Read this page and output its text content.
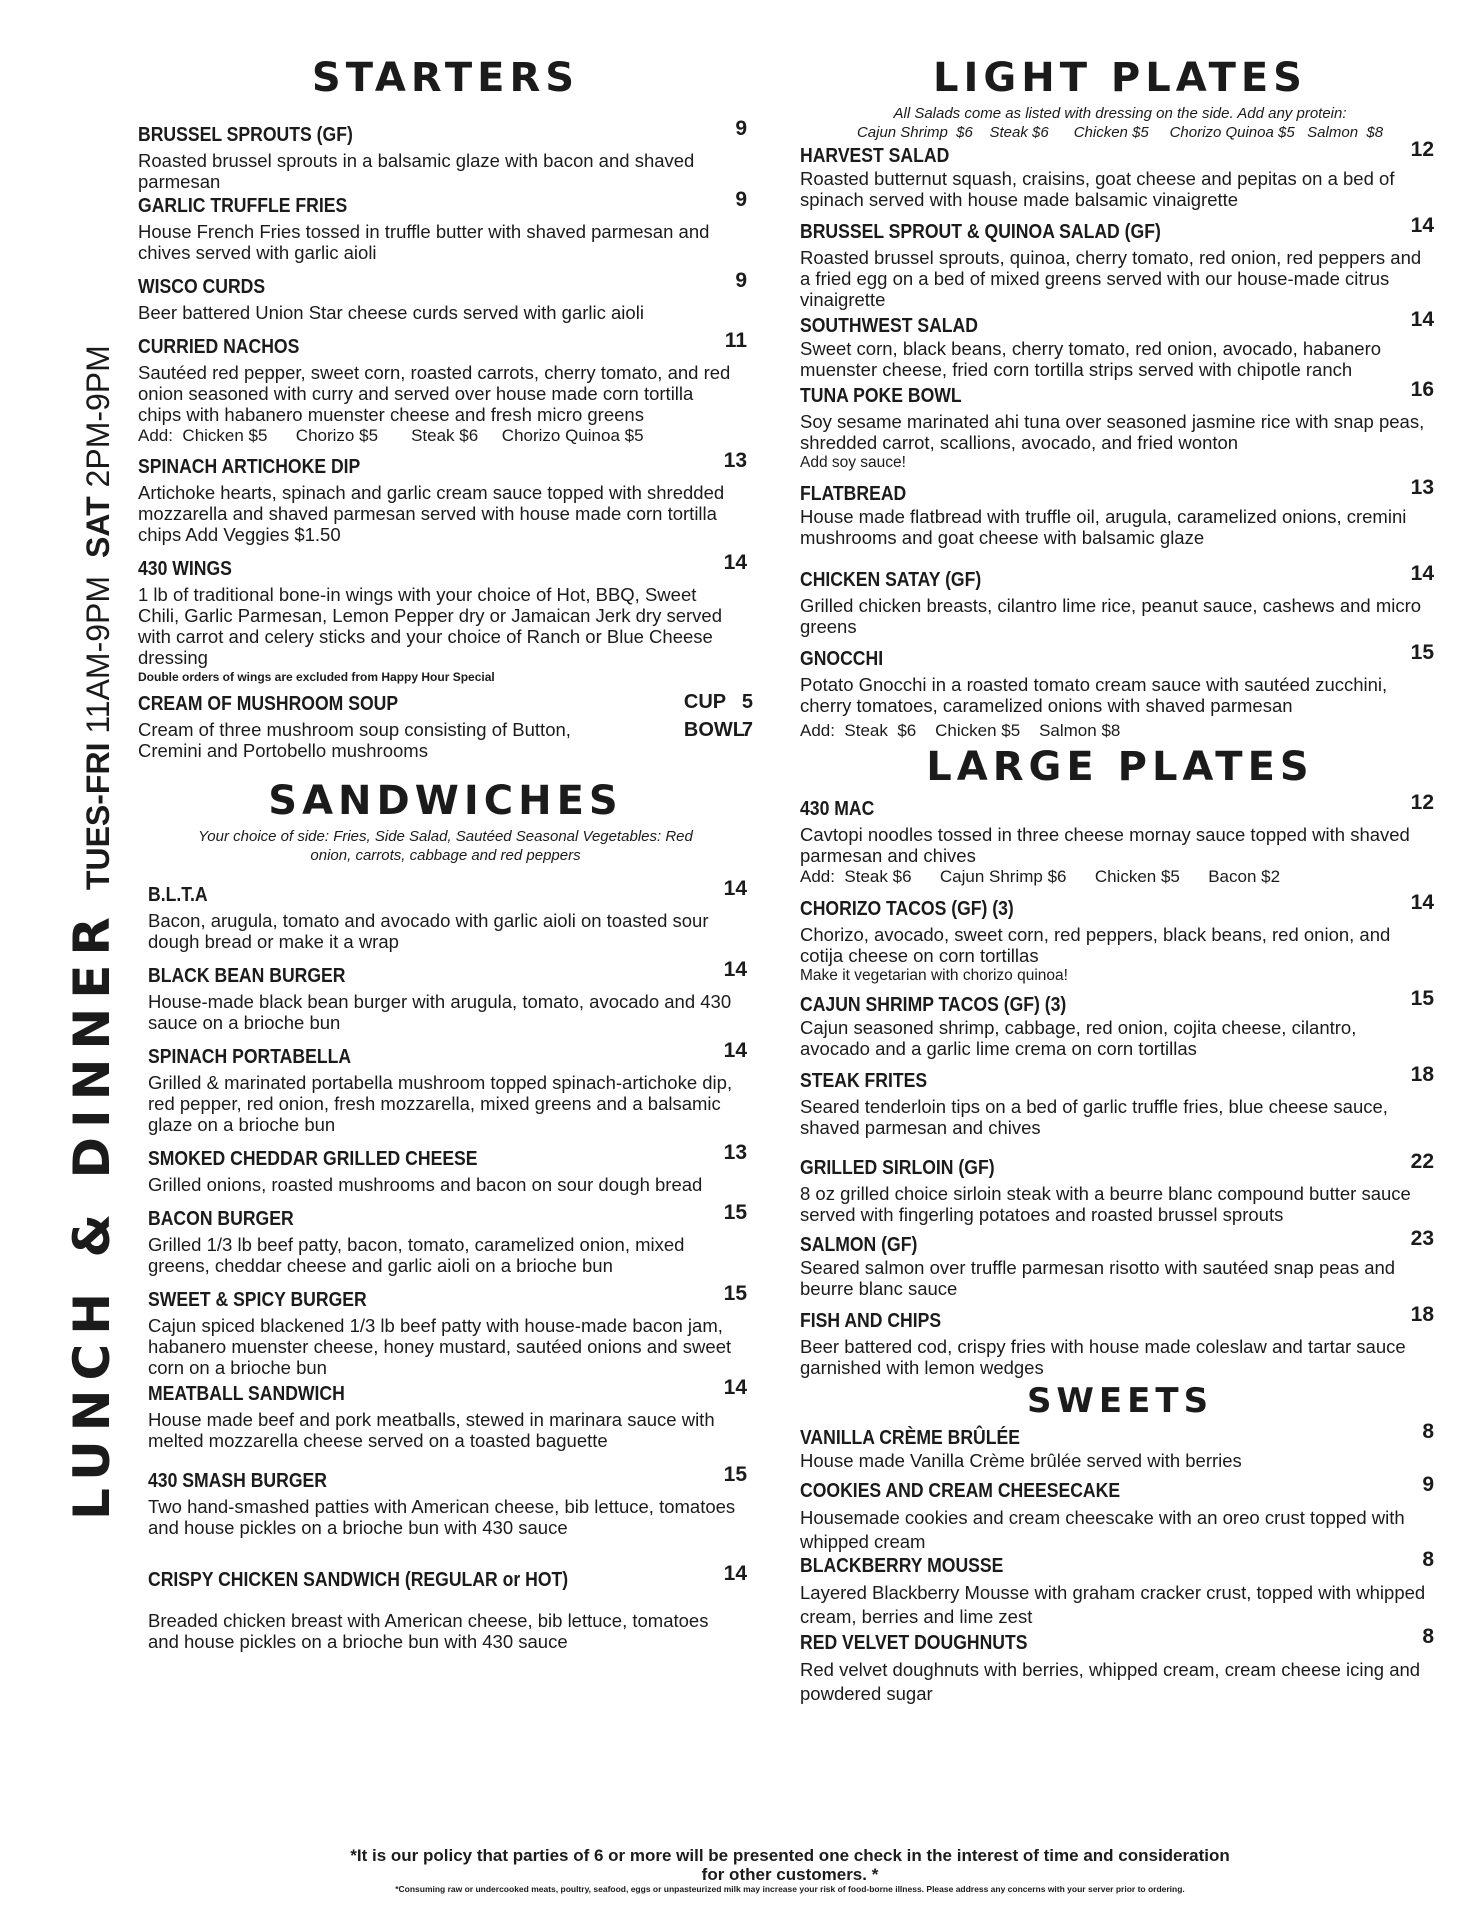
LUNCH & DINNER
TUES-FRI 11AM-9PM
SAT 2PM-9PM
STARTERS
BRUSSEL SPROUTS (GF)	9
Roasted brussel sprouts in a balsamic glaze with bacon and shaved parmesan
GARLIC TRUFFLE FRIES	9
House French Fries tossed in truffle butter with shaved parmesan and chives served with garlic aioli
WISCO CURDS	9
Beer battered Union Star cheese curds served with garlic aioli
CURRIED NACHOS	11
Sautéed red pepper, sweet corn, roasted carrots, cherry tomato, and red onion seasoned with curry and served over house made corn tortilla chips with habanero muenster cheese and fresh micro greens
Add:  Chicken $5      Chorizo $5       Steak $6     Chorizo Quinoa $5
SPINACH ARTICHOKE DIP	13
Artichoke hearts, spinach and garlic cream sauce topped with shredded mozzarella and shaved parmesan served with house made corn tortilla chips Add Veggies $1.50
430 WINGS	14
1 lb of traditional bone-in wings with your choice of Hot, BBQ, Sweet Chili, Garlic Parmesan, Lemon Pepper dry or Jamaican Jerk dry served with carrot and celery sticks and your choice of Ranch or Blue Cheese dressing
Double orders of wings are excluded from Happy Hour Special
CREAM OF MUSHROOM SOUP	CUP 5
BOWL7
Cream of three mushroom soup consisting of Button, Cremini and Portobello mushrooms
SANDWICHES
Your choice of side: Fries, Side Salad, Sautéed Seasonal Vegetables: Red onion, carrots, cabbage and red peppers
B.L.T.A	14
Bacon, arugula, tomato and avocado with garlic aioli on toasted sour dough bread or make it a wrap
BLACK BEAN BURGER	14
House-made black bean burger with arugula, tomato, avocado and 430 sauce on a brioche bun
SPINACH PORTABELLA	14
Grilled & marinated portabella mushroom topped spinach-artichoke dip, red pepper, red onion, fresh mozzarella, mixed greens and a balsamic glaze on a brioche bun
SMOKED CHEDDAR GRILLED CHEESE	13
Grilled onions, roasted mushrooms and bacon on sour dough bread
BACON BURGER	15
Grilled 1/3 lb beef patty, bacon, tomato, caramelized onion, mixed greens, cheddar cheese and garlic aioli on a brioche bun
SWEET & SPICY BURGER	15
Cajun spiced blackened 1/3 lb beef patty with house-made bacon jam, habanero muenster cheese, honey mustard, sautéed onions and sweet corn on a brioche bun
MEATBALL SANDWICH	14
House made beef and pork meatballs, stewed in marinara sauce with melted mozzarella cheese served on a toasted baguette
430 SMASH BURGER	15
Two hand-smashed patties with American cheese, bib lettuce, tomatoes and house pickles on a brioche bun with 430 sauce
CRISPY CHICKEN SANDWICH (REGULAR or HOT)	14
Breaded chicken breast with American cheese, bib lettuce, tomatoes and house pickles on a brioche bun with 430 sauce
LIGHT PLATES
All Salads come as listed with dressing on the side. Add any protein:
Cajun Shrimp  $6    Steak $6      Chicken $5     Chorizo Quinoa $5   Salmon  $8
HARVEST SALAD	12
Roasted butternut squash, craisins, goat cheese and pepitas on a bed of spinach served with house made balsamic vinaigrette
BRUSSEL SPROUT & QUINOA SALAD (GF)	14
Roasted brussel sprouts, quinoa, cherry tomato, red onion, red peppers and a fried egg on a bed of mixed greens served with our house-made citrus vinaigrette
SOUTHWEST SALAD	14
Sweet corn, black beans, cherry tomato, red onion, avocado, habanero muenster cheese, fried corn tortilla strips served with chipotle ranch
TUNA POKE BOWL	16
Soy sesame marinated ahi tuna over seasoned jasmine rice with snap peas, shredded carrot, scallions, avocado, and fried wonton
Add soy sauce!
FLATBREAD	13
House made flatbread with truffle oil, arugula, caramelized onions, cremini mushrooms and goat cheese with balsamic glaze
CHICKEN SATAY (GF)	14
Grilled chicken breasts, cilantro lime rice, peanut sauce, cashews and micro greens
GNOCCHI	15
Potato Gnocchi in a roasted tomato cream sauce with sautéed zucchini, cherry tomatoes, caramelized onions with shaved parmesan
Add:  Steak  $6    Chicken $5    Salmon $8
LARGE PLATES
430 MAC	12
Cavtopi noodles tossed in three cheese mornay sauce topped with shaved parmesan and chives
Add:  Steak $6      Cajun Shrimp $6      Chicken $5      Bacon $2
CHORIZO TACOS (GF) (3)	14
Chorizo, avocado, sweet corn, red peppers, black beans, red onion, and cotija cheese on corn tortillas
Make it vegetarian with chorizo quinoa!
CAJUN SHRIMP TACOS (GF) (3)	15
Cajun seasoned shrimp, cabbage, red onion, cojita cheese, cilantro, avocado and a garlic lime crema on corn tortillas
STEAK FRITES	18
Seared tenderloin tips on a bed of garlic truffle fries, blue cheese sauce, shaved parmesan and chives
GRILLED SIRLOIN (GF)	22
8 oz grilled choice sirloin steak with a beurre blanc compound butter sauce served with fingerling potatoes and roasted brussel sprouts
SALMON (GF)	23
Seared salmon over truffle parmesan risotto with sautéed snap peas and beurre blanc sauce
FISH AND CHIPS	18
Beer battered cod, crispy fries with house made coleslaw and tartar sauce garnished with lemon wedges
SWEETS
VANILLA CRÈME BRÛLÉE	8
House made Vanilla Crème brûlée served with berries
COOKIES AND CREAM CHEESECAKE	9
Housemade cookies and cream cheescake with an oreo crust topped with whipped cream
BLACKBERRY MOUSSE	8
Layered Blackberry Mousse with graham cracker crust, topped with whipped cream, berries and lime zest
RED VELVET DOUGHNUTS	8
Red velvet doughnuts with berries, whipped cream, cream cheese icing and powdered sugar
*It is our policy that parties of 6 or more will be presented one check in the interest of time and consideration for other customers. *
*Consuming raw or undercooked meats, poultry, seafood, eggs or unpasteurized milk may increase your risk of food-borne illness. Please address any concerns with your server prior to ordering.
